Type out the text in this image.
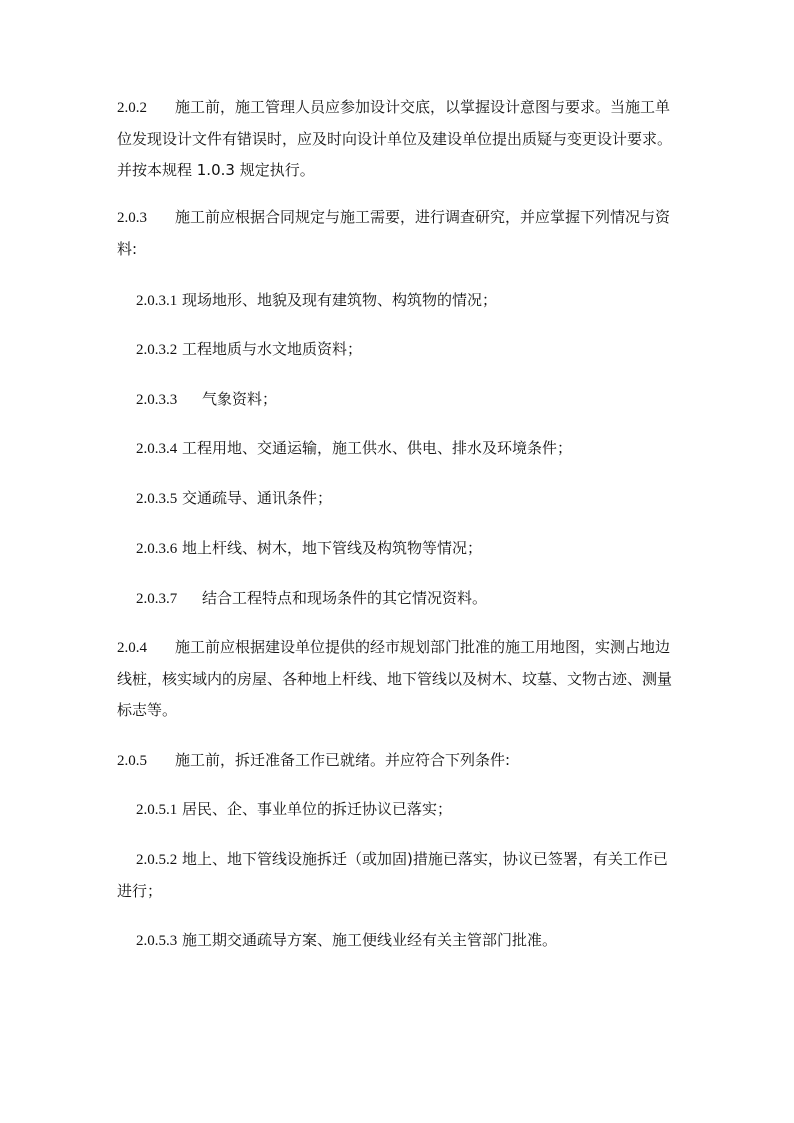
2.0.2 施工前，施工管理人员应参加设计交底，以掌握设计意图与要求。当施工单位发现设计文件有错误时，应及时向设计单位及建设单位提出质疑与变更设计要求。并按本规程 1.0.3 规定执行。

2.0.3 施工前应根据合同规定与施工需要，进行调查研究，并应掌握下列情况与资料:

2.0.3.1 现场地形、地貌及现有建筑物、构筑物的情况；

2.0.3.2 工程地质与水文地质资料；

2.0.3.3 气象资料；

2.0.3.4 工程用地、交通运输，施工供水、供电、排水及环境条件；

2.0.3.5 交通疏导、通讯条件；

2.0.3.6 地上杆线、树木，地下管线及构筑物等情况；

2.0.3.7 结合工程特点和现场条件的其它情况资料。

2.0.4 施工前应根据建设单位提供的经市规划部门批准的施工用地图，实测占地边线桩，核实域内的房屋、各种地上杆线、地下管线以及树木、坟墓、文物古迹、测量标志等。

2.0.5 施工前，拆迁准备工作已就绪。并应符合下列条件:

2.0.5.1 居民、企、事业单位的拆迁协议已落实；

2.0.5.2 地上、地下管线设施拆迁（或加固)措施已落实，协议已签署，有关工作已进行；

2.0.5.3 施工期交通疏导方案、施工便线业经有关主管部门批准。
